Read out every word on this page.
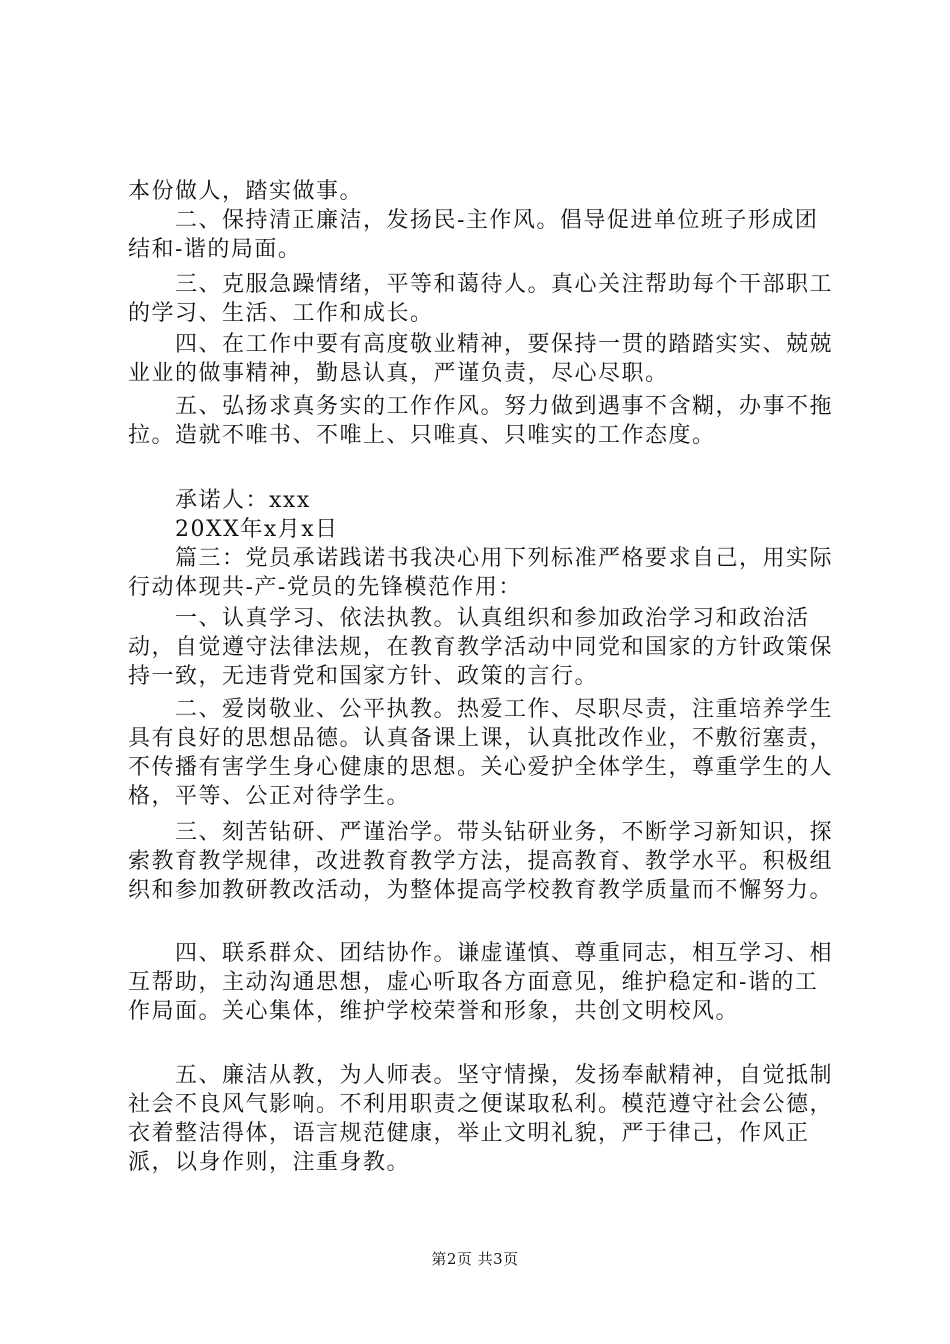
本份做人，踏实做事。

二、保持清正廉洁，发扬民-主作风。倡导促进单位班子形成团结和-谐的局面。

三、克服急躁情绪，平等和蔼待人。真心关注帮助每个干部职工的学习、生活、工作和成长。

四、在工作中要有高度敬业精神，要保持一贯的踏踏实实、兢兢业业的做事精神，勤恳认真，严谨负责，尽心尽职。

五、弘扬求真务实的工作作风。努力做到遇事不含糊，办事不拖拉。造就不唯书、不唯上、只唯真、只唯实的工作态度。

承诺人：xxx

20XX年x月x日

篇三：党员承诺践诺书我决心用下列标准严格要求自己，用实际行动体现共-产-党员的先锋模范作用：

一、认真学习、依法执教。认真组织和参加政治学习和政治活动，自觉遵守法律法规，在教育教学活动中同党和国家的方针政策保持一致，无违背党和国家方针、政策的言行。

二、爱岗敬业、公平执教。热爱工作、尽职尽责，注重培养学生具有良好的思想品德。认真备课上课，认真批改作业，不敷衍塞责，不传播有害学生身心健康的思想。关心爱护全体学生，尊重学生的人格，平等、公正对待学生。

三、刻苦钻研、严谨治学。带头钻研业务，不断学习新知识，探索教育教学规律，改进教育教学方法，提高教育、教学水平。积极组织和参加教研教改活动，为整体提高学校教育教学质量而不懈努力。

四、联系群众、团结协作。谦虚谨慎、尊重同志，相互学习、相互帮助，主动沟通思想，虚心听取各方面意见，维护稳定和-谐的工作局面。关心集体，维护学校荣誉和形象，共创文明校风。

五、廉洁从教，为人师表。坚守情操，发扬奉献精神，自觉抵制社会不良风气影响。不利用职责之便谋取私利。模范遵守社会公德，衣着整洁得体，语言规范健康，举止文明礼貌，严于律己，作风正派，以身作则，注重身教。

第2页 共3页
